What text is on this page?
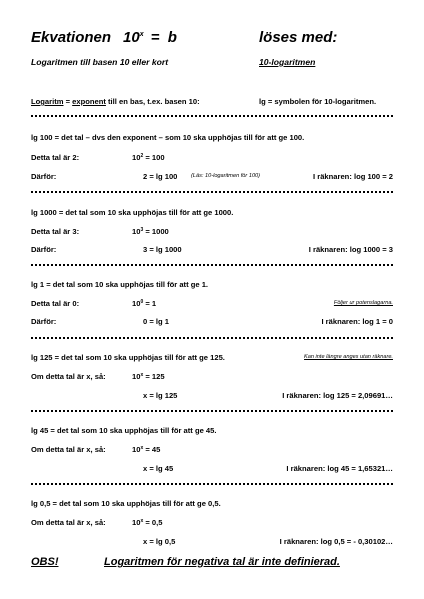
Ekvationen $10^x = b$	löses med:
Logaritmen till basen 10 eller kort	10-logaritmen
Logaritm = exponent till en bas, t.ex. basen 10:	lg = symbolen för 10-logaritmen.
lg 100 = det tal – dvs den exponent – som 10 ska upphöjas till för att ge 100.
Detta tal är 2:	$10^2 = 100$
Därför:	2 = lg 100 (Läs: 10-logaritmen för 100)	I räknaren: log 100 = 2
lg 1000 = det tal som 10 ska upphöjas till för att ge 1000.
Detta tal är 3:	$10^3 = 1000$
Därför:	3 = lg 1000	I räknaren: log 1000 = 3
lg 1 = det tal som 10 ska upphöjas till för att ge 1.
Detta tal är 0:	$10^0 = 1$	Följer ur potenslagarna.
Därför:	0 = lg 1	I räknaren: log 1 = 0
lg 125 = det tal som 10 ska upphöjas till för att ge 125.	Kan inte längre anges utan räknare.
Om detta tal är x, så:	$10^x = 125$
x = lg 125	I räknaren: log 125 = 2,09691…
lg 45 = det tal som 10 ska upphöjas till för att ge 45.
Om detta tal är x, så:	$10^x = 45$
x = lg 45	I räknaren: log 45 = 1,65321…
lg 0,5 = det tal som 10 ska upphöjas till för att ge 0,5.
Om detta tal är x, så:	$10^x = 0,5$
x = lg 0,5	I räknaren: log 0,5 = - 0,30102…
OBS!	Logaritmen för negativa tal är inte definierad.
